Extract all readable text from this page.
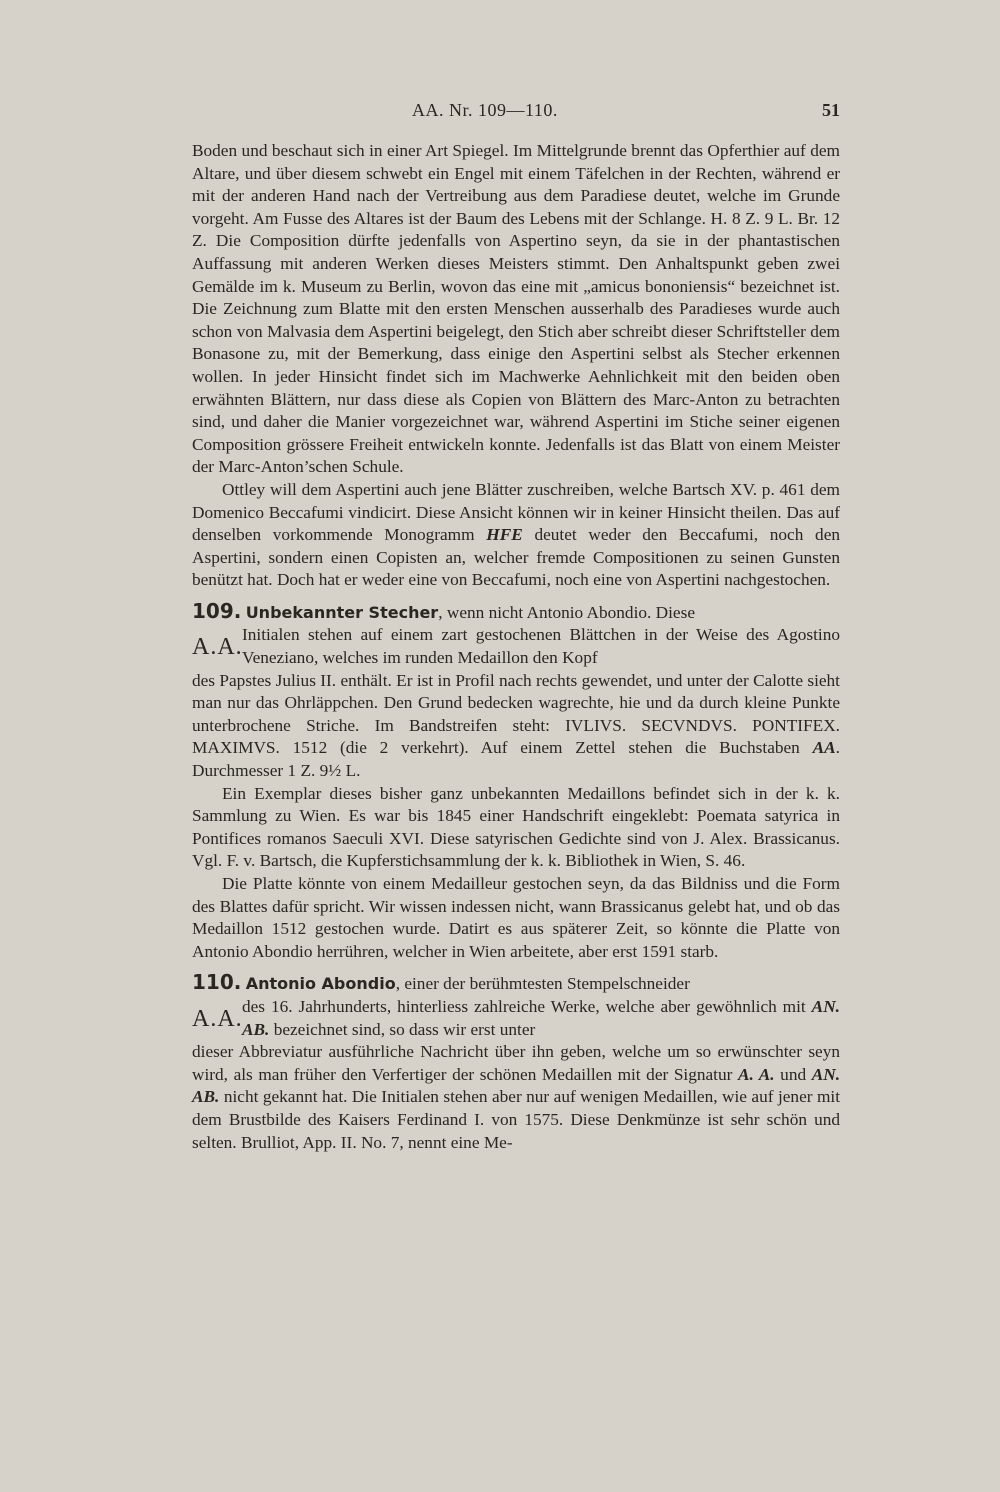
AA. Nr. 109—110.	51

Boden und beschaut sich in einer Art Spiegel. Im Mittelgrunde brennt das Opferthier auf dem Altare, und über diesem schwebt ein Engel mit einem Täfelchen in der Rechten, während er mit der anderen Hand nach der Vertreibung aus dem Paradiese deutet, welche im Grunde vorgeht. Am Fusse des Altares ist der Baum des Lebens mit der Schlange. H. 8 Z. 9 L. Br. 12 Z. Die Composition dürfte jedenfalls von Aspertino seyn, da sie in der phantastischen Auffassung mit anderen Werken dieses Meisters stimmt. Den Anhaltspunkt geben zwei Gemälde im k. Museum zu Berlin, wovon das eine mit „amicus bononiensis“ bezeichnet ist. Die Zeichnung zum Blatte mit den ersten Menschen ausserhalb des Paradieses wurde auch schon von Malvasia dem Aspertini beigelegt, den Stich aber schreibt dieser Schriftsteller dem Bonasone zu, mit der Bemerkung, dass einige den Aspertini selbst als Stecher erkennen wollen. In jeder Hinsicht findet sich im Machwerke Aehnlichkeit mit den beiden oben erwähnten Blättern, nur dass diese als Copien von Blättern des Marc-Anton zu betrachten sind, und daher die Manier vorgezeichnet war, während Aspertini im Stiche seiner eigenen Composition grössere Freiheit entwickeln konnte. Jedenfalls ist das Blatt von einem Meister der Marc-Anton’schen Schule.

Ottley will dem Aspertini auch jene Blätter zuschreiben, welche Bartsch XV. p. 461 dem Domenico Beccafumi vindicirt. Diese Ansicht können wir in keiner Hinsicht theilen. Das auf denselben vorkommende Monogramm HFE deutet weder den Beccafumi, noch den Aspertini, sondern einen Copisten an, welcher fremde Compositionen zu seinen Gunsten benützt hat. Doch hat er weder eine von Beccafumi, noch eine von Aspertini nachgestochen.

109. Unbekannter Stecher, wenn nicht Antonio Abondio. Diese

A.A. Initialen stehen auf einem zart gestochenen Blättchen in der Weise des Agostino Veneziano, welches im runden Medaillon den Kopf

des Papstes Julius II. enthält. Er ist in Profil nach rechts gewendet, und unter der Calotte sieht man nur das Ohrläppchen. Den Grund bedecken wagrechte, hie und da durch kleine Punkte unterbrochene Striche. Im Bandstreifen steht: IVLIVS. SECVNDVS. PONTIFEX. MAXIMVS. 1512 (die 2 verkehrt). Auf einem Zettel stehen die Buchstaben AA. Durchmesser 1 Z. 9½ L.

Ein Exemplar dieses bisher ganz unbekannten Medaillons befindet sich in der k. k. Sammlung zu Wien. Es war bis 1845 einer Handschrift eingeklebt: Poemata satyrica in Pontifices romanos Saeculi XVI. Diese satyrischen Gedichte sind von J. Alex. Brassicanus. Vgl. F. v. Bartsch, die Kupferstichsammlung der k. k. Bibliothek in Wien, S. 46.

Die Platte könnte von einem Medailleur gestochen seyn, da das Bildniss und die Form des Blattes dafür spricht. Wir wissen indessen nicht, wann Brassicanus gelebt hat, und ob das Medaillon 1512 gestochen wurde. Datirt es aus späterer Zeit, so könnte die Platte von Antonio Abondio herrühren, welcher in Wien arbeitete, aber erst 1591 starb.

110. Antonio Abondio, einer der berühmtesten Stempelschneider

A.A. des 16. Jahrhunderts, hinterliess zahlreiche Werke, welche aber gewöhnlich mit AN. AB. bezeichnet sind, so dass wir erst unter

dieser Abbreviatur ausführliche Nachricht über ihn geben, welche um so erwünschter seyn wird, als man früher den Verfertiger der schönen Medaillen mit der Signatur A. A. und AN. AB. nicht gekannt hat. Die Initialen stehen aber nur auf wenigen Medaillen, wie auf jener mit dem Brustbilde des Kaisers Ferdinand I. von 1575. Diese Denkmünze ist sehr schön und selten. Brulliot, App. II. No. 7, nennt eine Me-
